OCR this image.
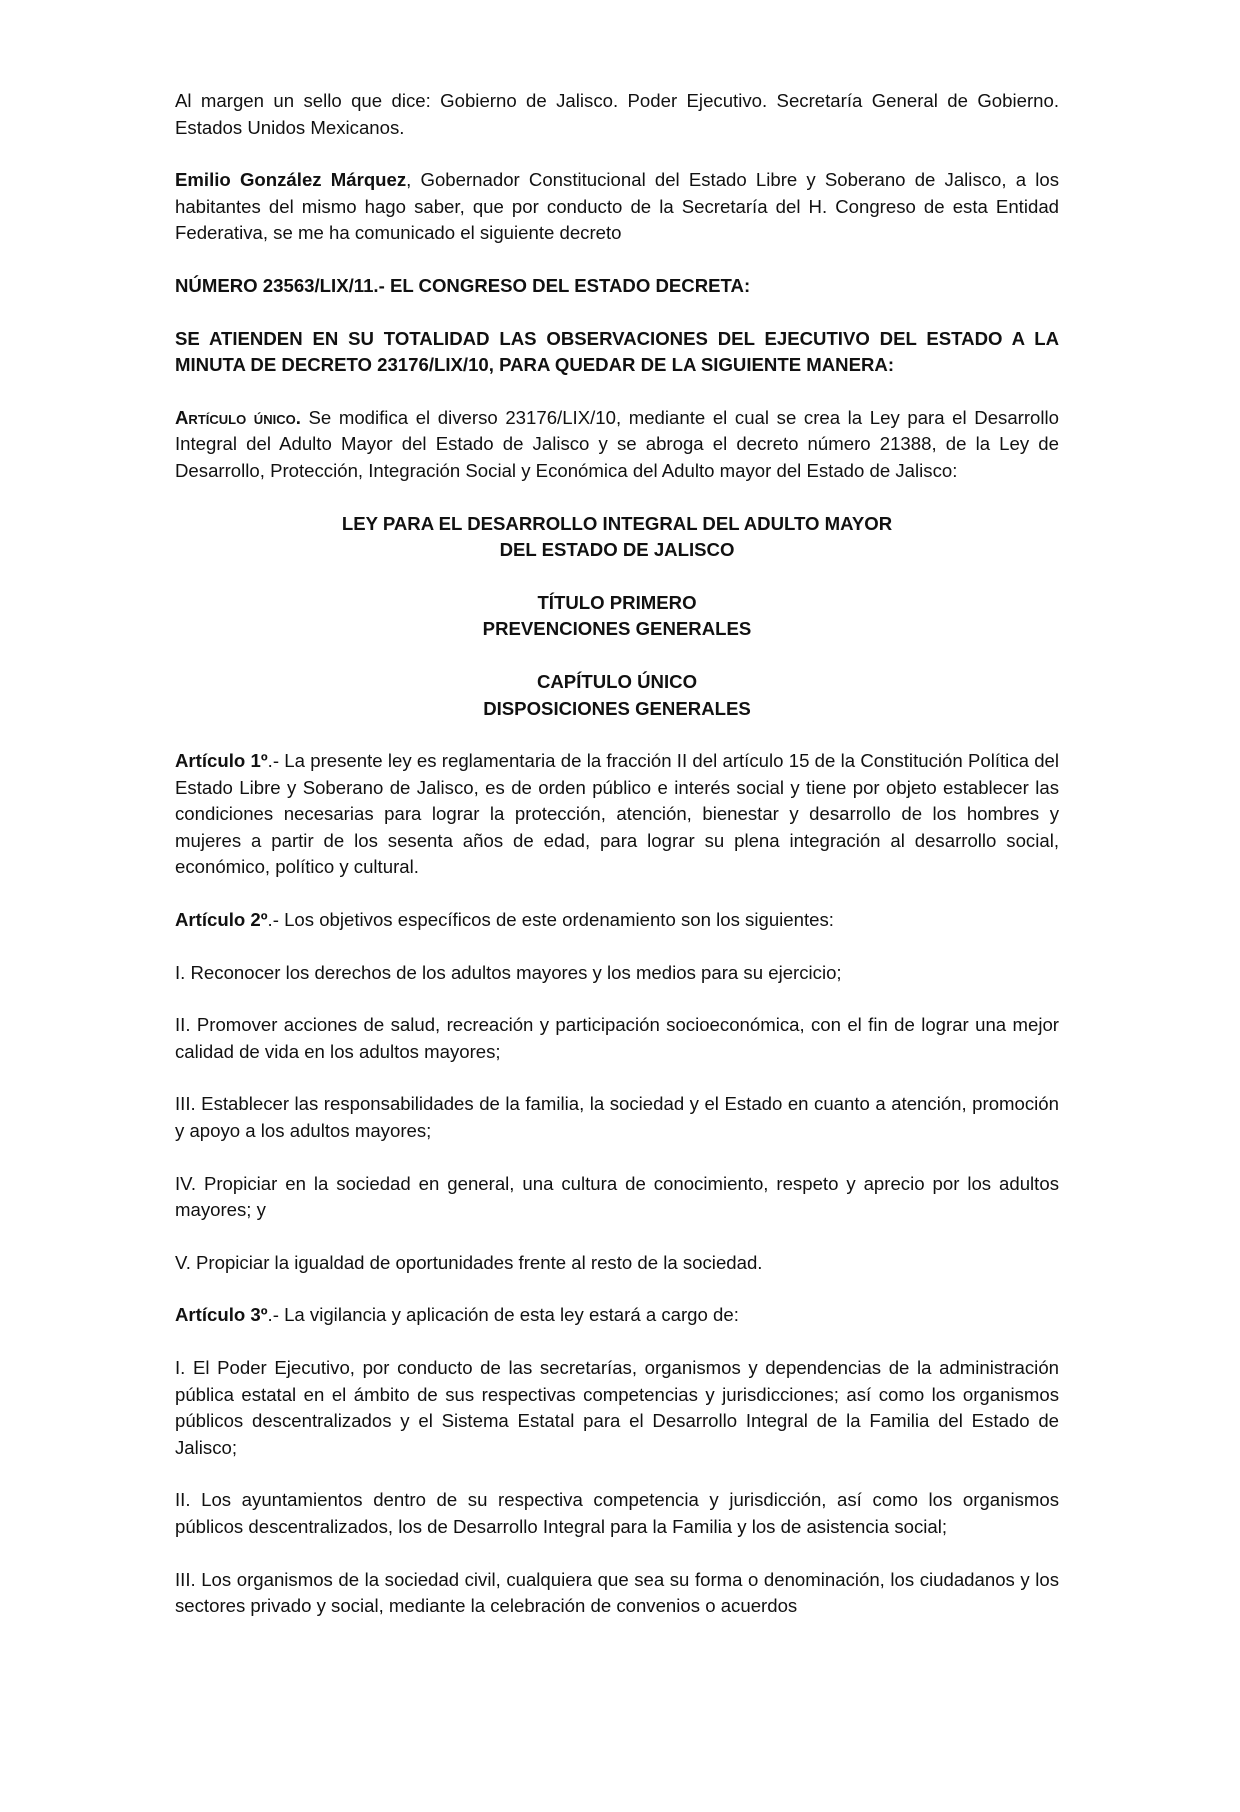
Al margen un sello que dice: Gobierno de Jalisco. Poder Ejecutivo. Secretaría General de Gobierno. Estados Unidos Mexicanos.

Emilio González Márquez, Gobernador Constitucional del Estado Libre y Soberano de Jalisco, a los habitantes del mismo hago saber, que por conducto de la Secretaría del H. Congreso de esta Entidad Federativa, se me ha comunicado el siguiente decreto

NÚMERO 23563/LIX/11.- EL CONGRESO DEL ESTADO DECRETA:

SE ATIENDEN EN SU TOTALIDAD LAS OBSERVACIONES DEL EJECUTIVO DEL ESTADO A LA MINUTA DE DECRETO 23176/LIX/10, PARA QUEDAR DE LA SIGUIENTE MANERA:

Artículo único. Se modifica el diverso 23176/LIX/10, mediante el cual se crea la Ley para el Desarrollo Integral del Adulto Mayor del Estado de Jalisco y se abroga el decreto número 21388, de la Ley de Desarrollo, Protección, Integración Social y Económica del Adulto mayor del Estado de Jalisco:

LEY PARA EL DESARROLLO INTEGRAL DEL ADULTO MAYOR
DEL ESTADO DE JALISCO
TÍTULO PRIMERO
PREVENCIONES GENERALES
CAPÍTULO ÚNICO
DISPOSICIONES GENERALES

Artículo 1º.- La presente ley es reglamentaria de la fracción II del artículo 15 de la Constitución Política del Estado Libre y Soberano de Jalisco, es de orden público e interés social y tiene por objeto establecer las condiciones necesarias para lograr la protección, atención, bienestar y desarrollo de los hombres y mujeres a partir de los sesenta años de edad, para lograr su plena integración al desarrollo social, económico, político y cultural.

Artículo 2º.- Los objetivos específicos de este ordenamiento son los siguientes:

I. Reconocer los derechos de los adultos mayores y los medios para su ejercicio;

II. Promover acciones de salud, recreación y participación socioeconómica, con el fin de lograr una mejor calidad de vida en los adultos mayores;

III. Establecer las responsabilidades de la familia, la sociedad y el Estado en cuanto a atención, promoción y apoyo a los adultos mayores;

IV. Propiciar en la sociedad en general, una cultura de conocimiento, respeto y aprecio por los adultos mayores; y

V. Propiciar la igualdad de oportunidades frente al resto de la sociedad.

Artículo 3º.- La vigilancia y aplicación de esta ley estará a cargo de:

I. El Poder Ejecutivo, por conducto de las secretarías, organismos y dependencias de la administración pública estatal en el ámbito de sus respectivas competencias y jurisdicciones; así como los organismos públicos descentralizados y el Sistema Estatal para el Desarrollo Integral de la Familia del Estado de Jalisco;

II. Los ayuntamientos dentro de su respectiva competencia y jurisdicción, así como los organismos públicos descentralizados, los de Desarrollo Integral para la Familia y los de asistencia social;

III. Los organismos de la sociedad civil, cualquiera que sea su forma o denominación, los ciudadanos y los sectores privado y social, mediante la celebración de convenios o acuerdos
